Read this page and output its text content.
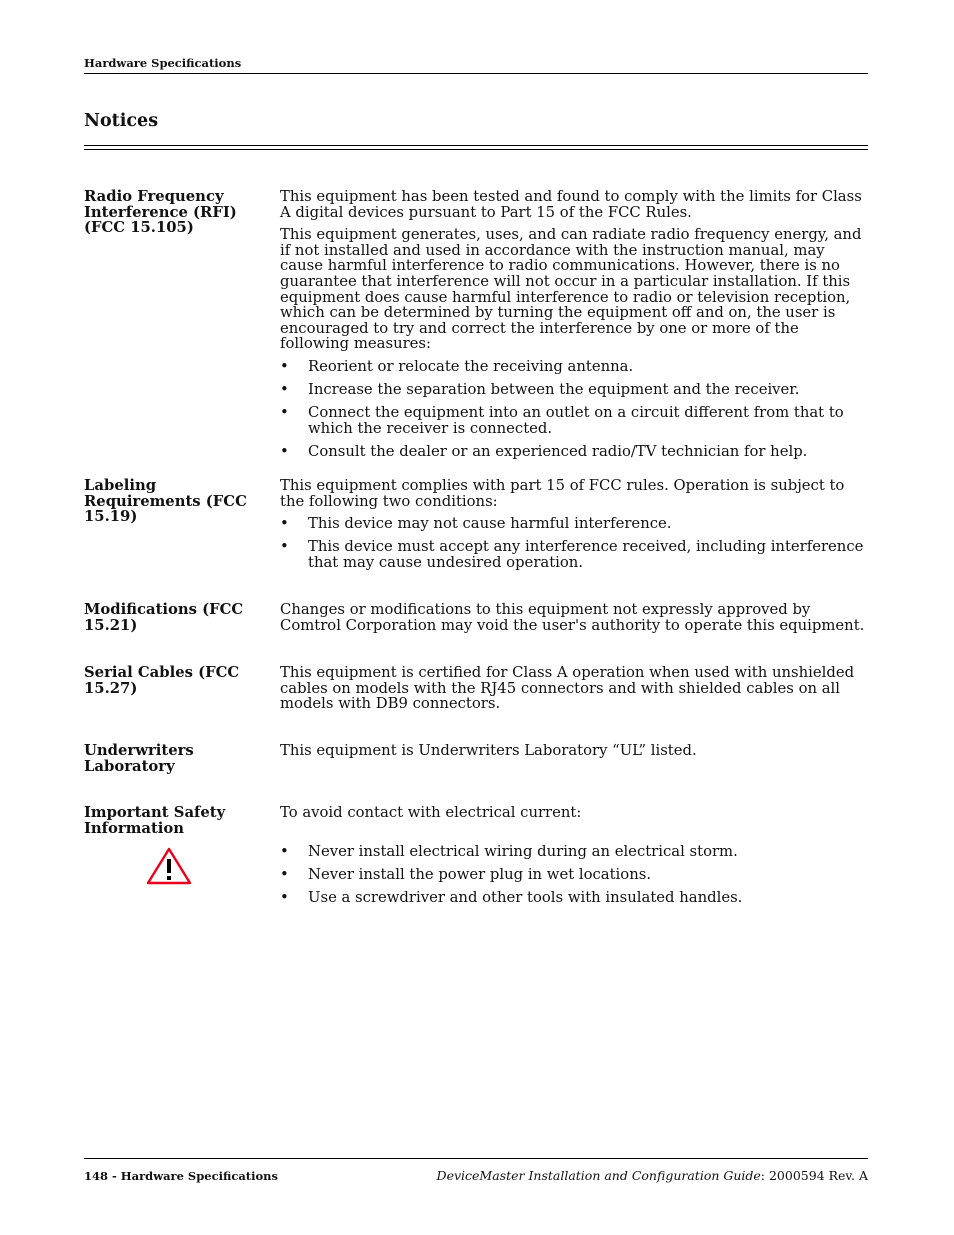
Hardware Specifications
Notices
Radio Frequency Interference (RFI) (FCC 15.105)

This equipment has been tested and found to comply with the limits for Class A digital devices pursuant to Part 15 of the FCC Rules.

This equipment generates, uses, and can radiate radio frequency energy, and if not installed and used in accordance with the instruction manual, may cause harmful interference to radio communications. However, there is no guarantee that interference will not occur in a particular installation. If this equipment does cause harmful interference to radio or television reception, which can be determined by turning the equipment off and on, the user is encouraged to try and correct the interference by one or more of the following measures:

• Reorient or relocate the receiving antenna.
• Increase the separation between the equipment and the receiver.
• Connect the equipment into an outlet on a circuit different from that to which the receiver is connected.
• Consult the dealer or an experienced radio/TV technician for help.
Labeling Requirements (FCC 15.19)

This equipment complies with part 15 of FCC rules. Operation is subject to the following two conditions:

• This device may not cause harmful interference.
• This device must accept any interference received, including interference that may cause undesired operation.
Modifications (FCC 15.21)

Changes or modifications to this equipment not expressly approved by Comtrol Corporation may void the user's authority to operate this equipment.

Serial Cables (FCC 15.27)

This equipment is certified for Class A operation when used with unshielded cables on models with the RJ45 connectors and with shielded cables on all models with DB9 connectors.

Underwriters Laboratory

This equipment is Underwriters Laboratory “UL” listed.

Important Safety Information

To avoid contact with electrical current:

• Never install electrical wiring during an electrical storm.
• Never install the power plug in wet locations.
• Use a screwdriver and other tools with insulated handles.
148 - Hardware Specifications	DeviceMaster Installation and Configuration Guide: 2000594 Rev. A
